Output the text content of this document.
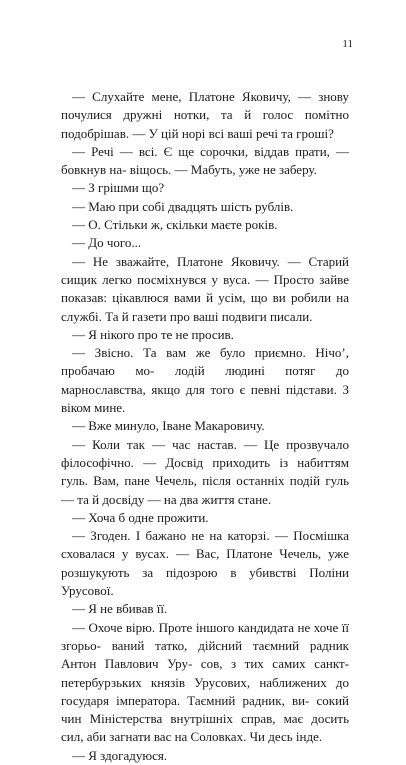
11

— Слухайте мене, Платоне Яковичу, — знову почулися дружні нотки, та й голос помітно подобрішав. — У цій норі всі ваші речі та гроші?

— Речі — всі. Є ще сорочки, віддав прати, — бовкнув на- віщось. — Мабуть, уже не заберу.

— З грішми що?

— Маю при собі двадцять шість рублів.

— О. Стільки ж, скільки маєте років.

— До чого...

— Не зважайте, Платоне Яковичу. — Старий сищик легко посміхнувся у вуса. — Просто зайве показав: цікавлюся вами й усім, що ви робили на службі. Та й газети про ваші подвиги писали.

— Я нікого про те не просив.

— Звісно. Та вам же було приємно. Нічо’, пробачаю мо- лодій людині потяг до марнославства, якщо для того є певні підстави. З віком мине.

— Вже минуло, Іване Макаровичу.

— Коли так — час настав. — Це прозвучало філософічно. — Досвід приходить із набиттям гуль. Вам, пане Чечель, після останніх подій гуль — та й досвіду — на два життя стане.

— Хоча б одне прожити.

— Згоден. І бажано не на каторзі. — Посмішка сховалася у вусах. — Вас, Платоне Чечель, уже розшукують за підозрою в убивстві Поліни Урусової.

— Я не вбивав її.

— Охоче вірю. Проте іншого кандидата не хоче її згорьо- ваний татко, дійсний таємний радник Антон Павлович Уру- сов, з тих самих санкт-петербурзьких князів Урусових, наближених до государя імператора. Таємний радник, ви- сокий чин Міністерства внутрішніх справ, має досить сил, аби загнати вас на Соловках. Чи десь інде.

— Я здогадуюся.
